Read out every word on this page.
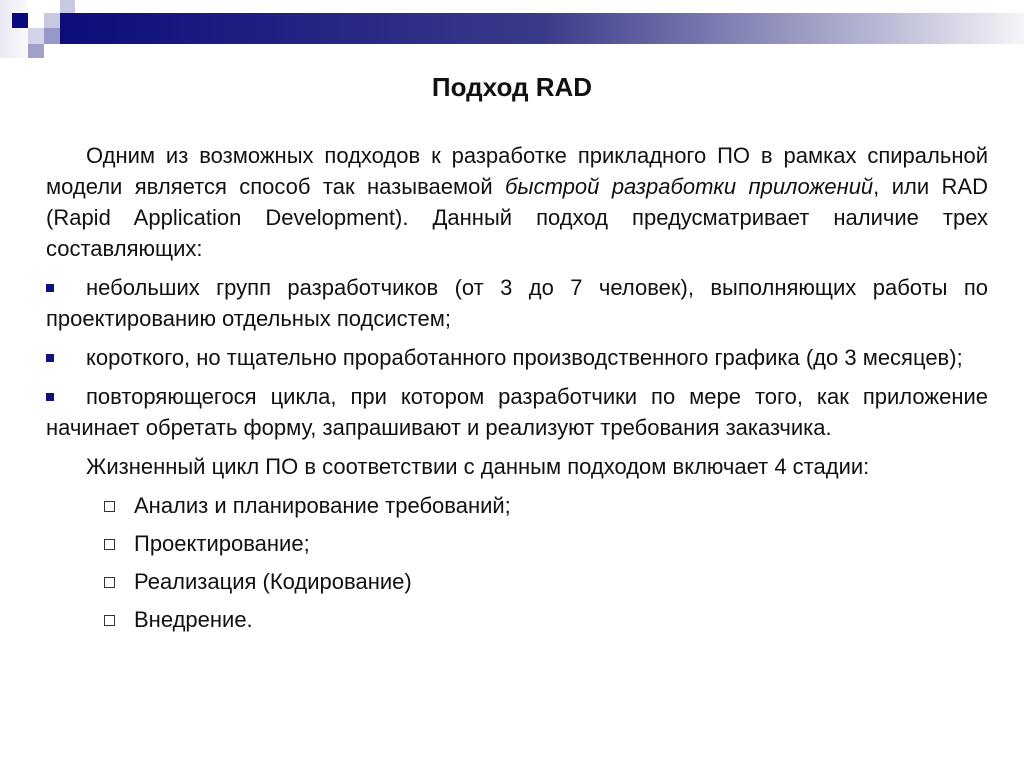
Подход RAD

Одним из возможных подходов к разработке прикладного ПО в рамках спиральной модели является способ так называемой быстрой разработки приложений, или RAD (Rapid Application Development). Данный подход предусматривает наличие трех составляющих:

небольших групп разработчиков (от 3 до 7 человек), выполняющих работы по проектированию отдельных подсистем;

короткого, но тщательно проработанного производственного графика (до 3 месяцев);

повторяющегося цикла, при котором разработчики по мере того, как приложение начинает обретать форму, запрашивают и реализуют требования заказчика.

Жизненный цикл ПО в соответствии с данным подходом включает 4 стадии:

Анализ и планирование требований;
Проектирование;
Реализация (Кодирование)
Внедрение.
